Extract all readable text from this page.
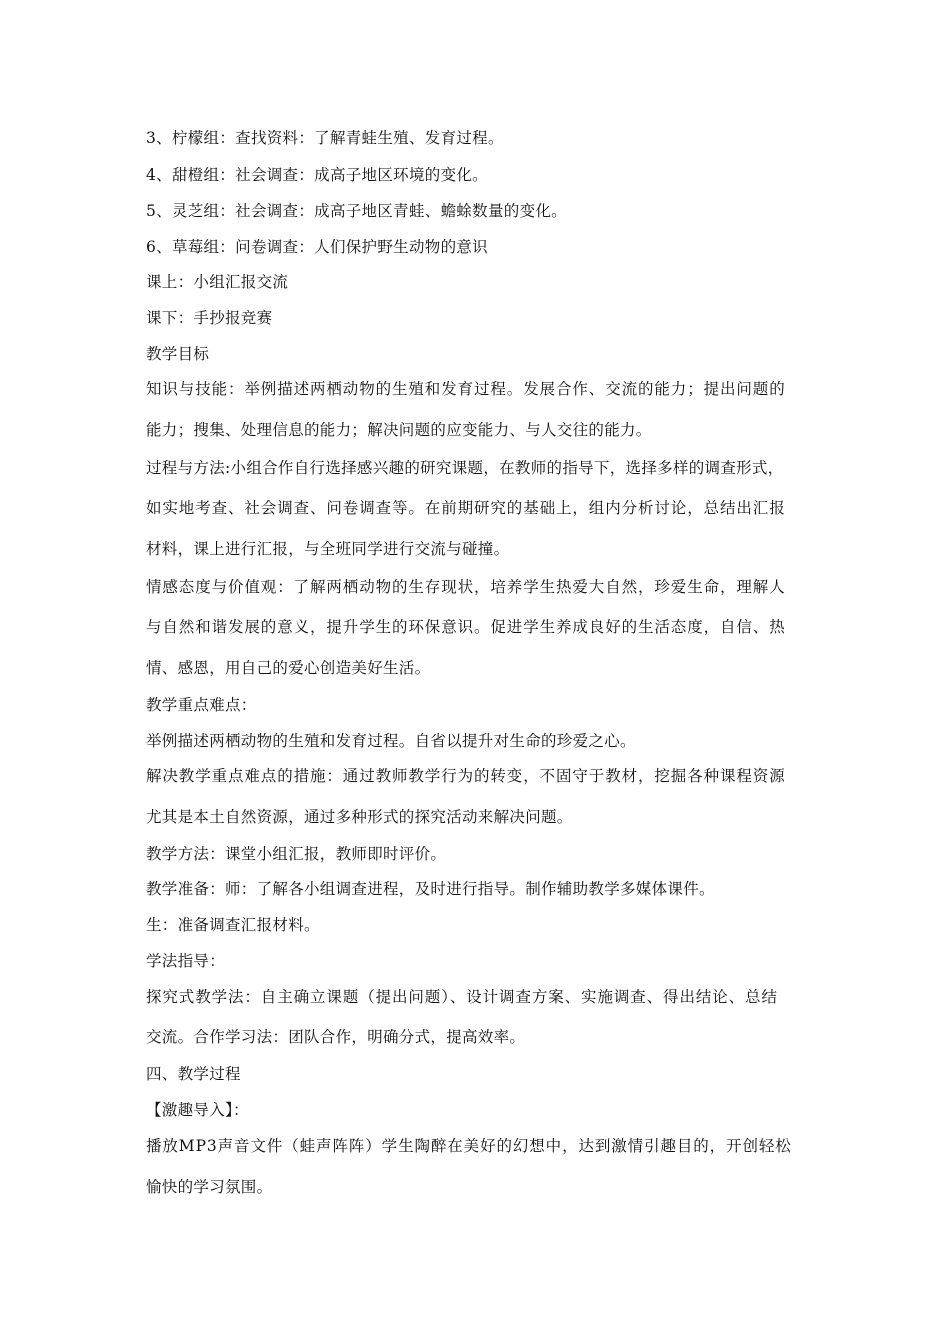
3、柠檬组：查找资料：了解青蛙生殖、发育过程。
4、甜橙组：社会调查：成高子地区环境的变化。
5、灵芝组：社会调查：成高子地区青蛙、蟾蜍数量的变化。
6、草莓组：问卷调查：人们保护野生动物的意识
课上：小组汇报交流
课下：手抄报竞赛
教学目标
知识与技能：举例描述两栖动物的生殖和发育过程。发展合作、交流的能力；提出问题的
能力；搜集、处理信息的能力；解决问题的应变能力、与人交往的能力。
过程与方法:小组合作自行选择感兴趣的研究课题，在教师的指导下，选择多样的调查形式，
如实地考查、社会调查、问卷调查等。在前期研究的基础上，组内分析讨论，总结出汇报
材料，课上进行汇报，与全班同学进行交流与碰撞。
情感态度与价值观：了解两栖动物的生存现状，培养学生热爱大自然，珍爱生命，理解人
与自然和谐发展的意义，提升学生的环保意识。促进学生养成良好的生活态度，自信、热
情、感恩，用自己的爱心创造美好生活。
教学重点难点：
举例描述两栖动物的生殖和发育过程。自省以提升对生命的珍爱之心。
解决教学重点难点的措施：通过教师教学行为的转变，不固守于教材，挖掘各种课程资源
尤其是本土自然资源，通过多种形式的探究活动来解决问题。
教学方法：课堂小组汇报，教师即时评价。
教学准备：师：了解各小组调查进程，及时进行指导。制作辅助教学多媒体课件。
生：准备调查汇报材料。
学法指导：
探究式教学法：自主确立课题（提出问题）、设计调查方案、实施调查、得出结论、总结
交流。合作学习法：团队合作，明确分式，提高效率。
四、教学过程
【激趣导入】：
播放MP3声音文件（蛙声阵阵）学生陶醉在美好的幻想中，达到激情引趣目的，开创轻松
愉快的学习氛围。
